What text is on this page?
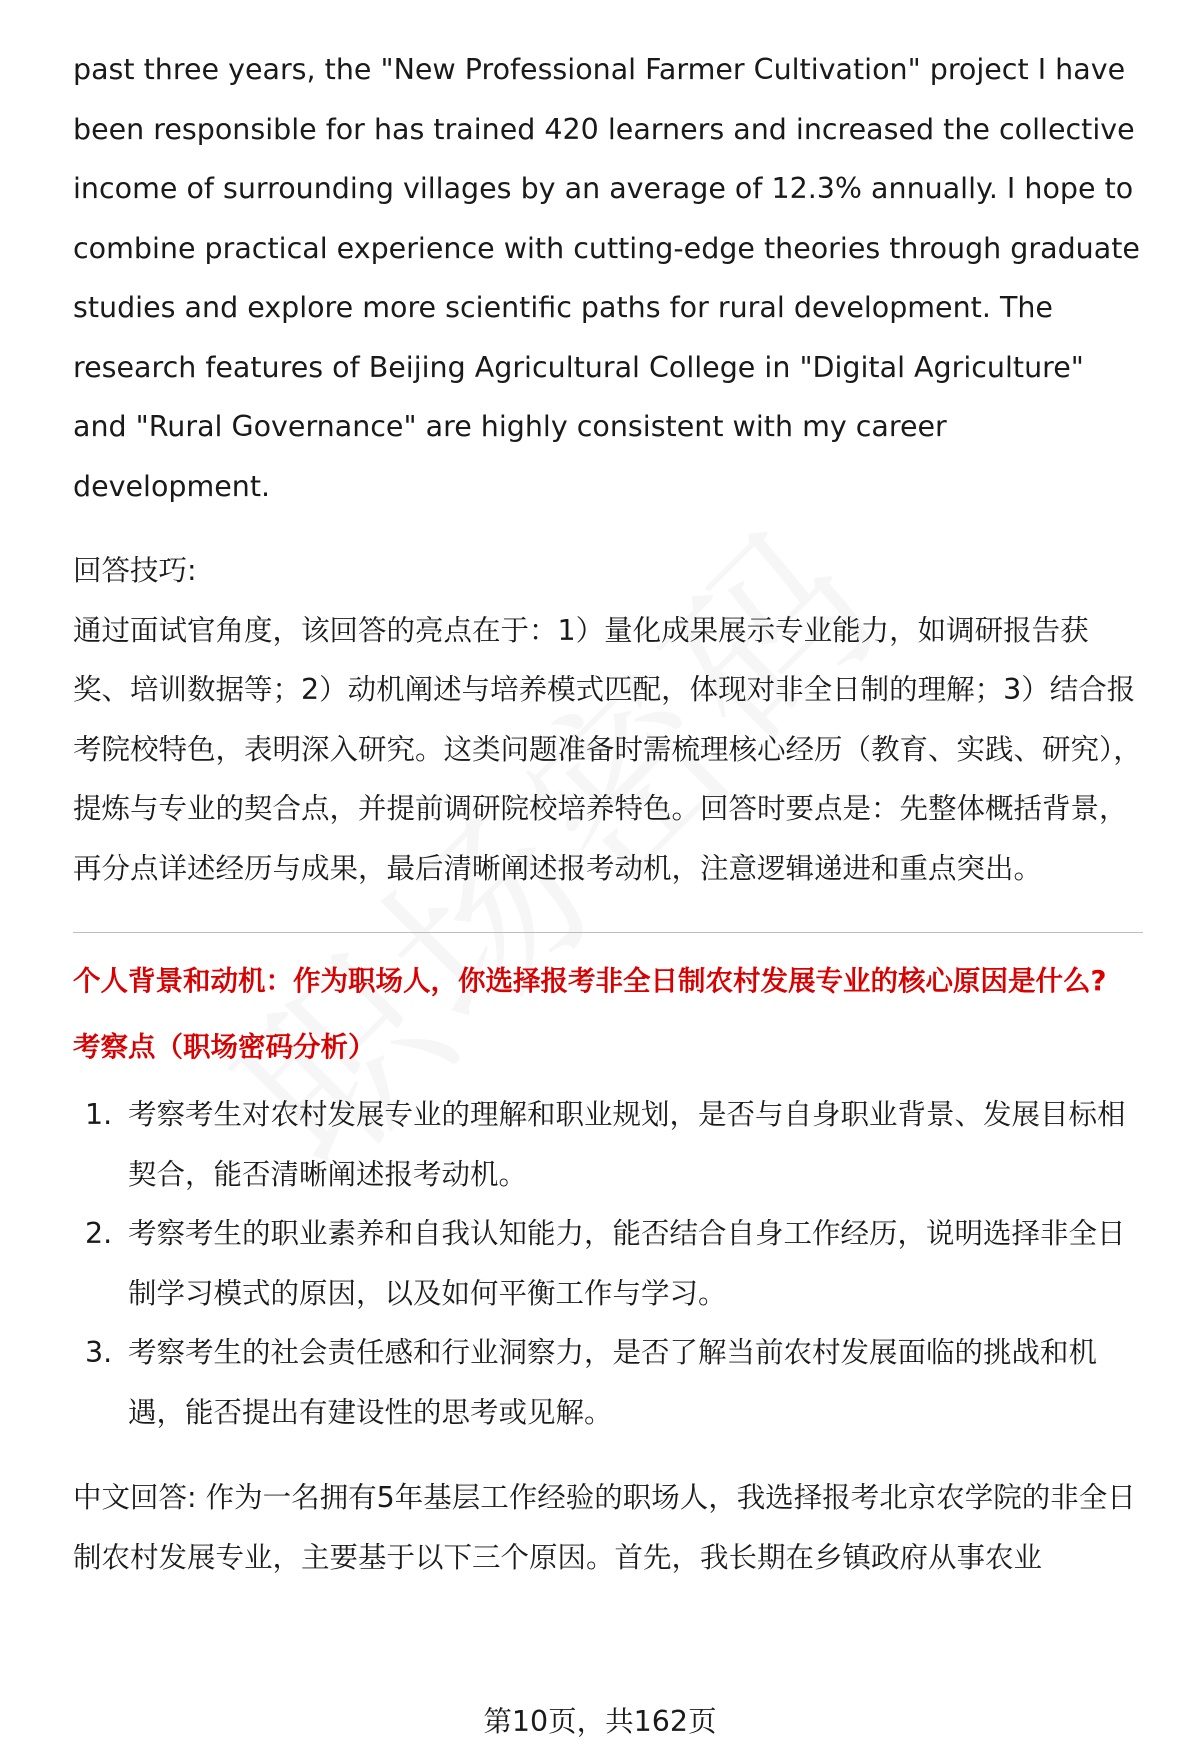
past three years, the "New Professional Farmer Cultivation" project I have been responsible for has trained 420 learners and increased the collective income of surrounding villages by an average of 12.3% annually. I hope to combine practical experience with cutting-edge theories through graduate studies and explore more scientific paths for rural development. The research features of Beijing Agricultural College in "Digital Agriculture" and "Rural Governance" are highly consistent with my career development.

回答技巧:

通过面试官角度，该回答的亮点在于：1）量化成果展示专业能力，如调研报告获奖、培训数据等；2）动机阐述与培养模式匹配，体现对非全日制的理解；3）结合报考院校特色，表明深入研究。这类问题准备时需梳理核心经历（教育、实践、研究），提炼与专业的契合点，并提前调研院校培养特色。回答时要点是：先整体概括背景，再分点详述经历与成果，最后清晰阐述报考动机，注意逻辑递进和重点突出。

个人背景和动机：作为职场人，你选择报考非全日制农村发展专业的核心原因是什么?

考察点（职场密码分析）

1. 考察考生对农村发展专业的理解和职业规划，是否与自身职业背景、发展目标相契合，能否清晰阐述报考动机。
2. 考察考生的职业素养和自我认知能力，能否结合自身工作经历，说明选择非全日制学习模式的原因，以及如何平衡工作与学习。
3. 考察考生的社会责任感和行业洞察力，是否了解当前农村发展面临的挑战和机遇，能否提出有建设性的思考或见解。

中文回答: 作为一名拥有5年基层工作经验的职场人，我选择报考北京农学院的非全日制农村发展专业，主要基于以下三个原因。首先，我长期在乡镇政府从事农业

第10页，共162页
